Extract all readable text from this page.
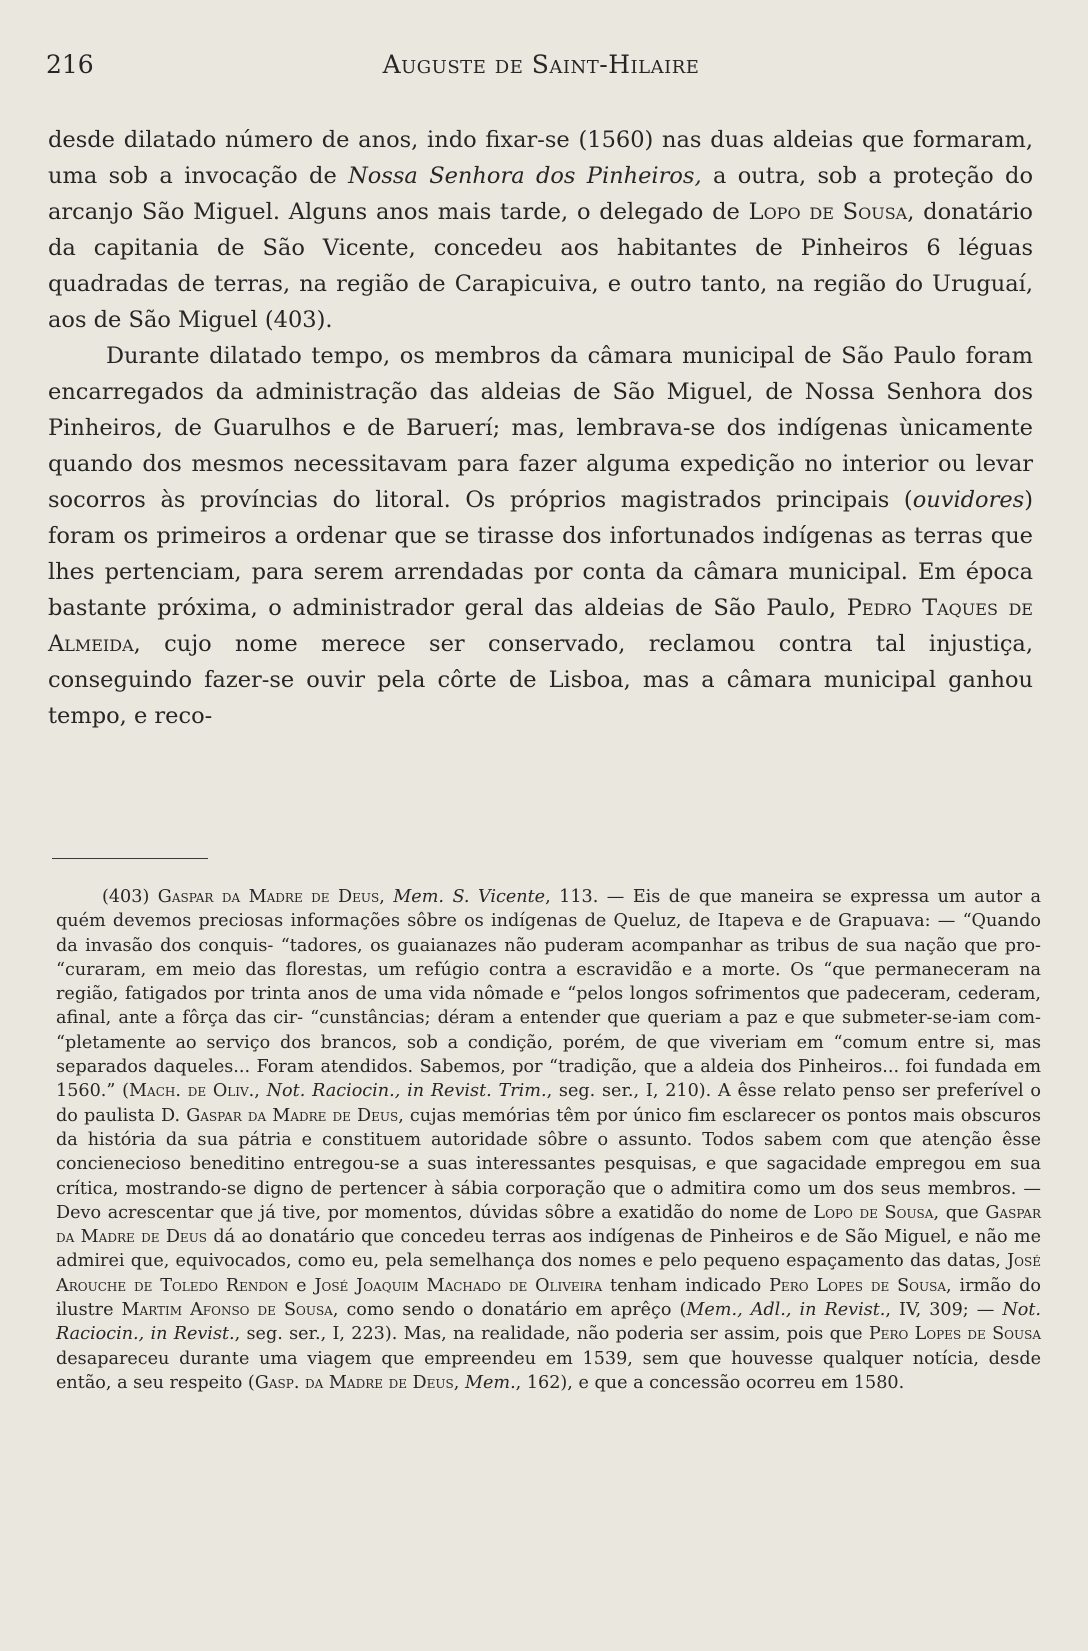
216	Auguste de Saint-Hilaire

desde dilatado número de anos, indo fixar-se (1560) nas duas aldeias que formaram, uma sob a invocação de Nossa Senhora dos Pinheiros, a outra, sob a proteção do arcanjo São Miguel. Alguns anos mais tarde, o delegado de Lopo de Sousa, donatário da capitania de São Vicente, concedeu aos habitantes de Pinheiros 6 léguas quadradas de terras, na região de Carapicuiva, e outro tanto, na região do Uruguaí, aos de São Miguel (403).

Durante dilatado tempo, os membros da câmara municipal de São Paulo foram encarregados da administração das aldeias de São Miguel, de Nossa Senhora dos Pinheiros, de Guarulhos e de Baruerí; mas, lembrava-se dos indígenas ùnicamente quando dos mesmos necessitavam para fazer alguma expedição no interior ou levar socorros às províncias do litoral. Os próprios magistrados principais (ouvidores) foram os primeiros a ordenar que se tirasse dos infortunados indígenas as terras que lhes pertenciam, para serem arrendadas por conta da câmara municipal. Em época bastante próxima, o administrador geral das aldeias de São Paulo, Pedro Taques de Almeida, cujo nome merece ser conservado, reclamou contra tal injustiça, conseguindo fazer-se ouvir pela côrte de Lisboa, mas a câmara municipal ganhou tempo, e reco-

(403) Gaspar da Madre de Deus, Mem. S. Vicente, 113. — Eis de que maneira se expressa um autor a quém devemos preciosas informações sôbre os indígenas de Queluz, de Itapeva e de Grapuava: — “Quando da invasão dos conquis- “tadores, os guaianazes não puderam acompanhar as tribus de sua nação que pro- “curaram, em meio das florestas, um refúgio contra a escravidão e a morte. Os “que permaneceram na região, fatigados por trinta anos de uma vida nômade e “pelos longos sofrimentos que padeceram, cederam, afinal, ante a fôrça das cir- “cunstâncias; déram a entender que queriam a paz e que submeter-se-iam com- “pletamente ao serviço dos brancos, sob a condição, porém, de que viveriam em “comum entre si, mas separados daqueles... Foram atendidos. Sabemos, por “tradição, que a aldeia dos Pinheiros... foi fundada em 1560.” (Mach. de Oliv., Not. Raciocin., in Revist. Trim., seg. ser., I, 210). A êsse relato penso ser preferível o do paulista D. Gaspar da Madre de Deus, cujas memórias têm por único fim esclarecer os pontos mais obscuros da história da sua pátria e constituem autoridade sôbre o assunto. Todos sabem com que atenção êsse concienecioso beneditino entregou-se a suas interessantes pesquisas, e que sagacidade empregou em sua crítica, mostrando-se digno de pertencer à sábia corporação que o admitira como um dos seus membros. — Devo acrescentar que já tive, por momentos, dúvidas sôbre a exatidão do nome de Lopo de Sousa, que Gaspar da Madre de Deus dá ao donatário que concedeu terras aos indígenas de Pinheiros e de São Miguel, e não me admirei que, equivocados, como eu, pela semelhança dos nomes e pelo pequeno espaçamento das datas, José Arouche de Toledo Rendon e José Joaquim Machado de Oliveira tenham indicado Pero Lopes de Sousa, irmão do ilustre Martim Afonso de Sousa, como sendo o donatário em aprêço (Mem., Adl., in Revist., IV, 309; — Not. Raciocin., in Revist., seg. ser., I, 223). Mas, na realidade, não poderia ser assim, pois que Pero Lopes de Sousa desapareceu durante uma viagem que empreendeu em 1539, sem que houvesse qualquer notícia, desde então, a seu respeito (Gasp. da Madre de Deus, Mem., 162), e que a concessão ocorreu em 1580.
